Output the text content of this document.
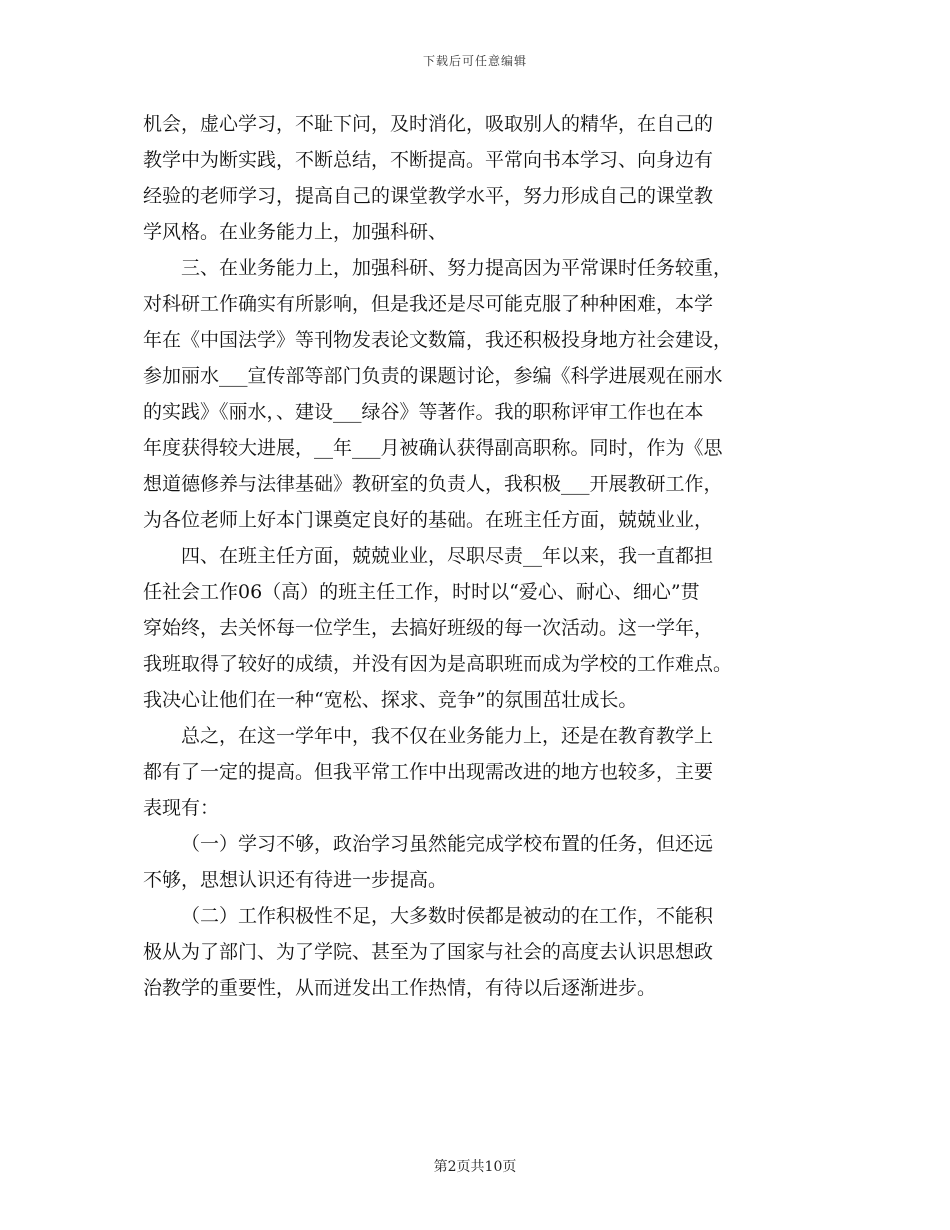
下载后可任意编辑
机会，虚心学习，不耻下问，及时消化，吸取别人的精华，在自己的
教学中为断实践，不断总结，不断提高。平常向书本学习、向身边有
经验的老师学习，提高自己的课堂教学水平，努力形成自己的课堂教
学风格。在业务能力上，加强科研、
三、在业务能力上，加强科研、努力提高因为平常课时任务较重，
对科研工作确实有所影响，但是我还是尽可能克服了种种困难，本学
年在《中国法学》等刊物发表论文数篇，我还积极投身地方社会建设，
参加丽水___宣传部等部门负责的课题讨论，参编《科学进展观在丽水
的实践》《丽水，、建设___绿谷》等著作。我的职称评审工作也在本
年度获得较大进展，__年___月被确认获得副高职称。同时，作为《思
想道德修养与法律基础》教研室的负责人，我积极___开展教研工作，
为各位老师上好本门课奠定良好的基础。在班主任方面，兢兢业业，
四、在班主任方面，兢兢业业，尽职尽责__年以来，我一直都担
任社会工作06（高）的班主任工作，时时以“爱心、耐心、细心”贯
穿始终，去关怀每一位学生，去搞好班级的每一次活动。这一学年，
我班取得了较好的成绩，并没有因为是高职班而成为学校的工作难点。
我决心让他们在一种“宽松、探求、竞争”的氛围茁壮成长。
总之，在这一学年中，我不仅在业务能力上，还是在教育教学上
都有了一定的提高。但我平常工作中出现需改进的地方也较多，主要
表现有：
（一）学习不够，政治学习虽然能完成学校布置的任务，但还远
不够，思想认识还有待进一步提高。
（二）工作积极性不足，大多数时侯都是被动的在工作，不能积
极从为了部门、为了学院、甚至为了国家与社会的高度去认识思想政
治教学的重要性，从而迸发出工作热情，有待以后逐渐进步。
第2页共10页
